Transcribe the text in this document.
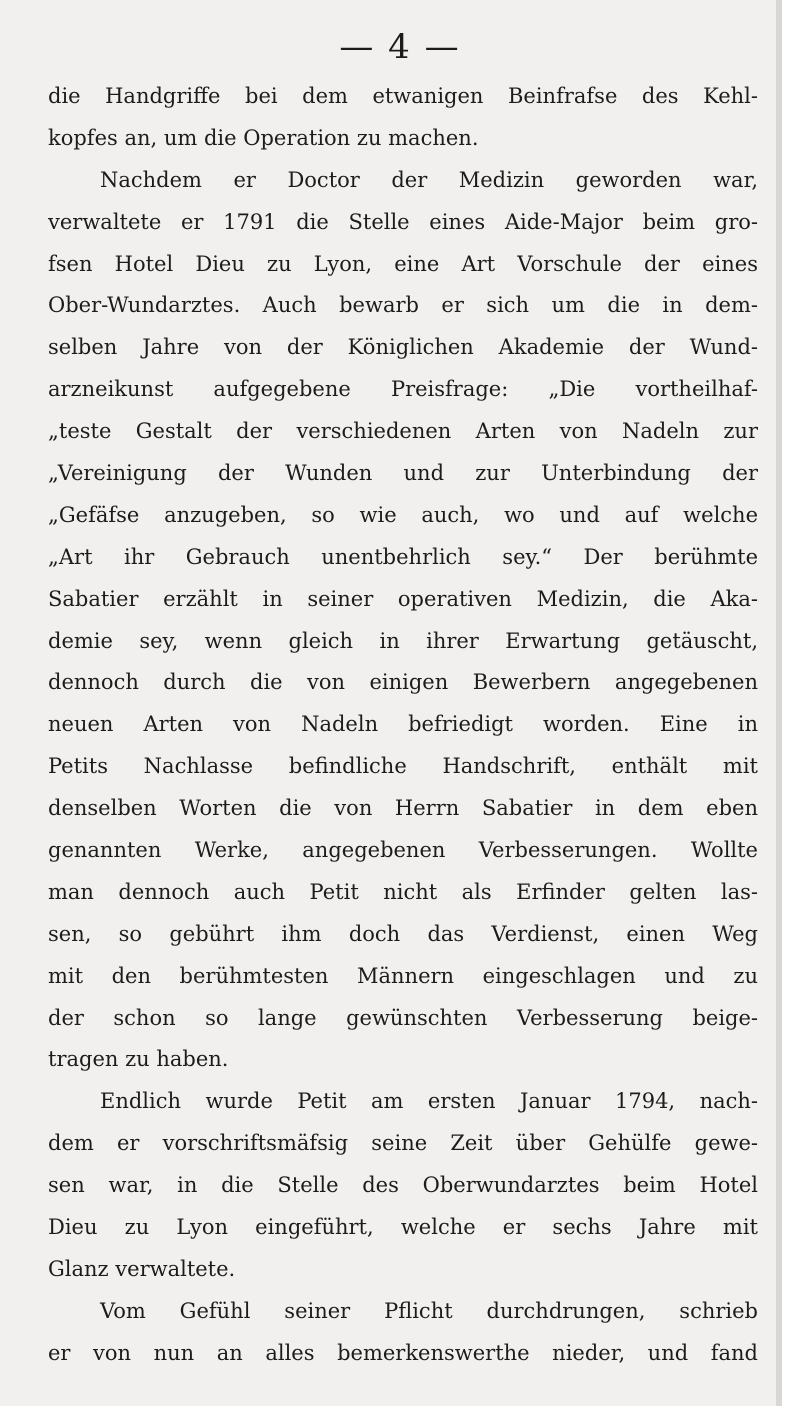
— 4 —
die Handgriffe bei dem etwanigen Beinfrafse des Kehl-
kopfes an, um die Operation zu machen.
Nachdem er Doctor der Medizin geworden war,
verwaltete er 1791 die Stelle eines Aide-Major beim gro-
fsen Hotel Dieu zu Lyon, eine Art Vorschule der eines
Ober-Wundarztes. Auch bewarb er sich um die in dem-
selben Jahre von der Königlichen Akademie der Wund-
arzneikunst aufgegebene Preisfrage: „Die vortheilhaf-
„teste Gestalt der verschiedenen Arten von Nadeln zur
„Vereinigung der Wunden und zur Unterbindung der
„Gefäfse anzugeben, so wie auch, wo und auf welche
„Art ihr Gebrauch unentbehrlich sey.“ Der berühmte
Sabatier erzählt in seiner operativen Medizin, die Aka-
demie sey, wenn gleich in ihrer Erwartung getäuscht,
dennoch durch die von einigen Bewerbern angegebenen
neuen Arten von Nadeln befriedigt worden. Eine in
Petits Nachlasse befindliche Handschrift, enthält mit
denselben Worten die von Herrn Sabatier in dem eben
genannten Werke, angegebenen Verbesserungen. Wollte
man dennoch auch Petit nicht als Erfinder gelten las-
sen, so gebührt ihm doch das Verdienst, einen Weg
mit den berühmtesten Männern eingeschlagen und zu
der schon so lange gewünschten Verbesserung beige-
tragen zu haben.
Endlich wurde Petit am ersten Januar 1794, nach-
dem er vorschriftsmäfsig seine Zeit über Gehülfe gewe-
sen war, in die Stelle des Oberwundarztes beim Hotel
Dieu zu Lyon eingeführt, welche er sechs Jahre mit
Glanz verwaltete.
Vom Gefühl seiner Pflicht durchdrungen, schrieb
er von nun an alles bemerkenswerthe nieder, und fand
